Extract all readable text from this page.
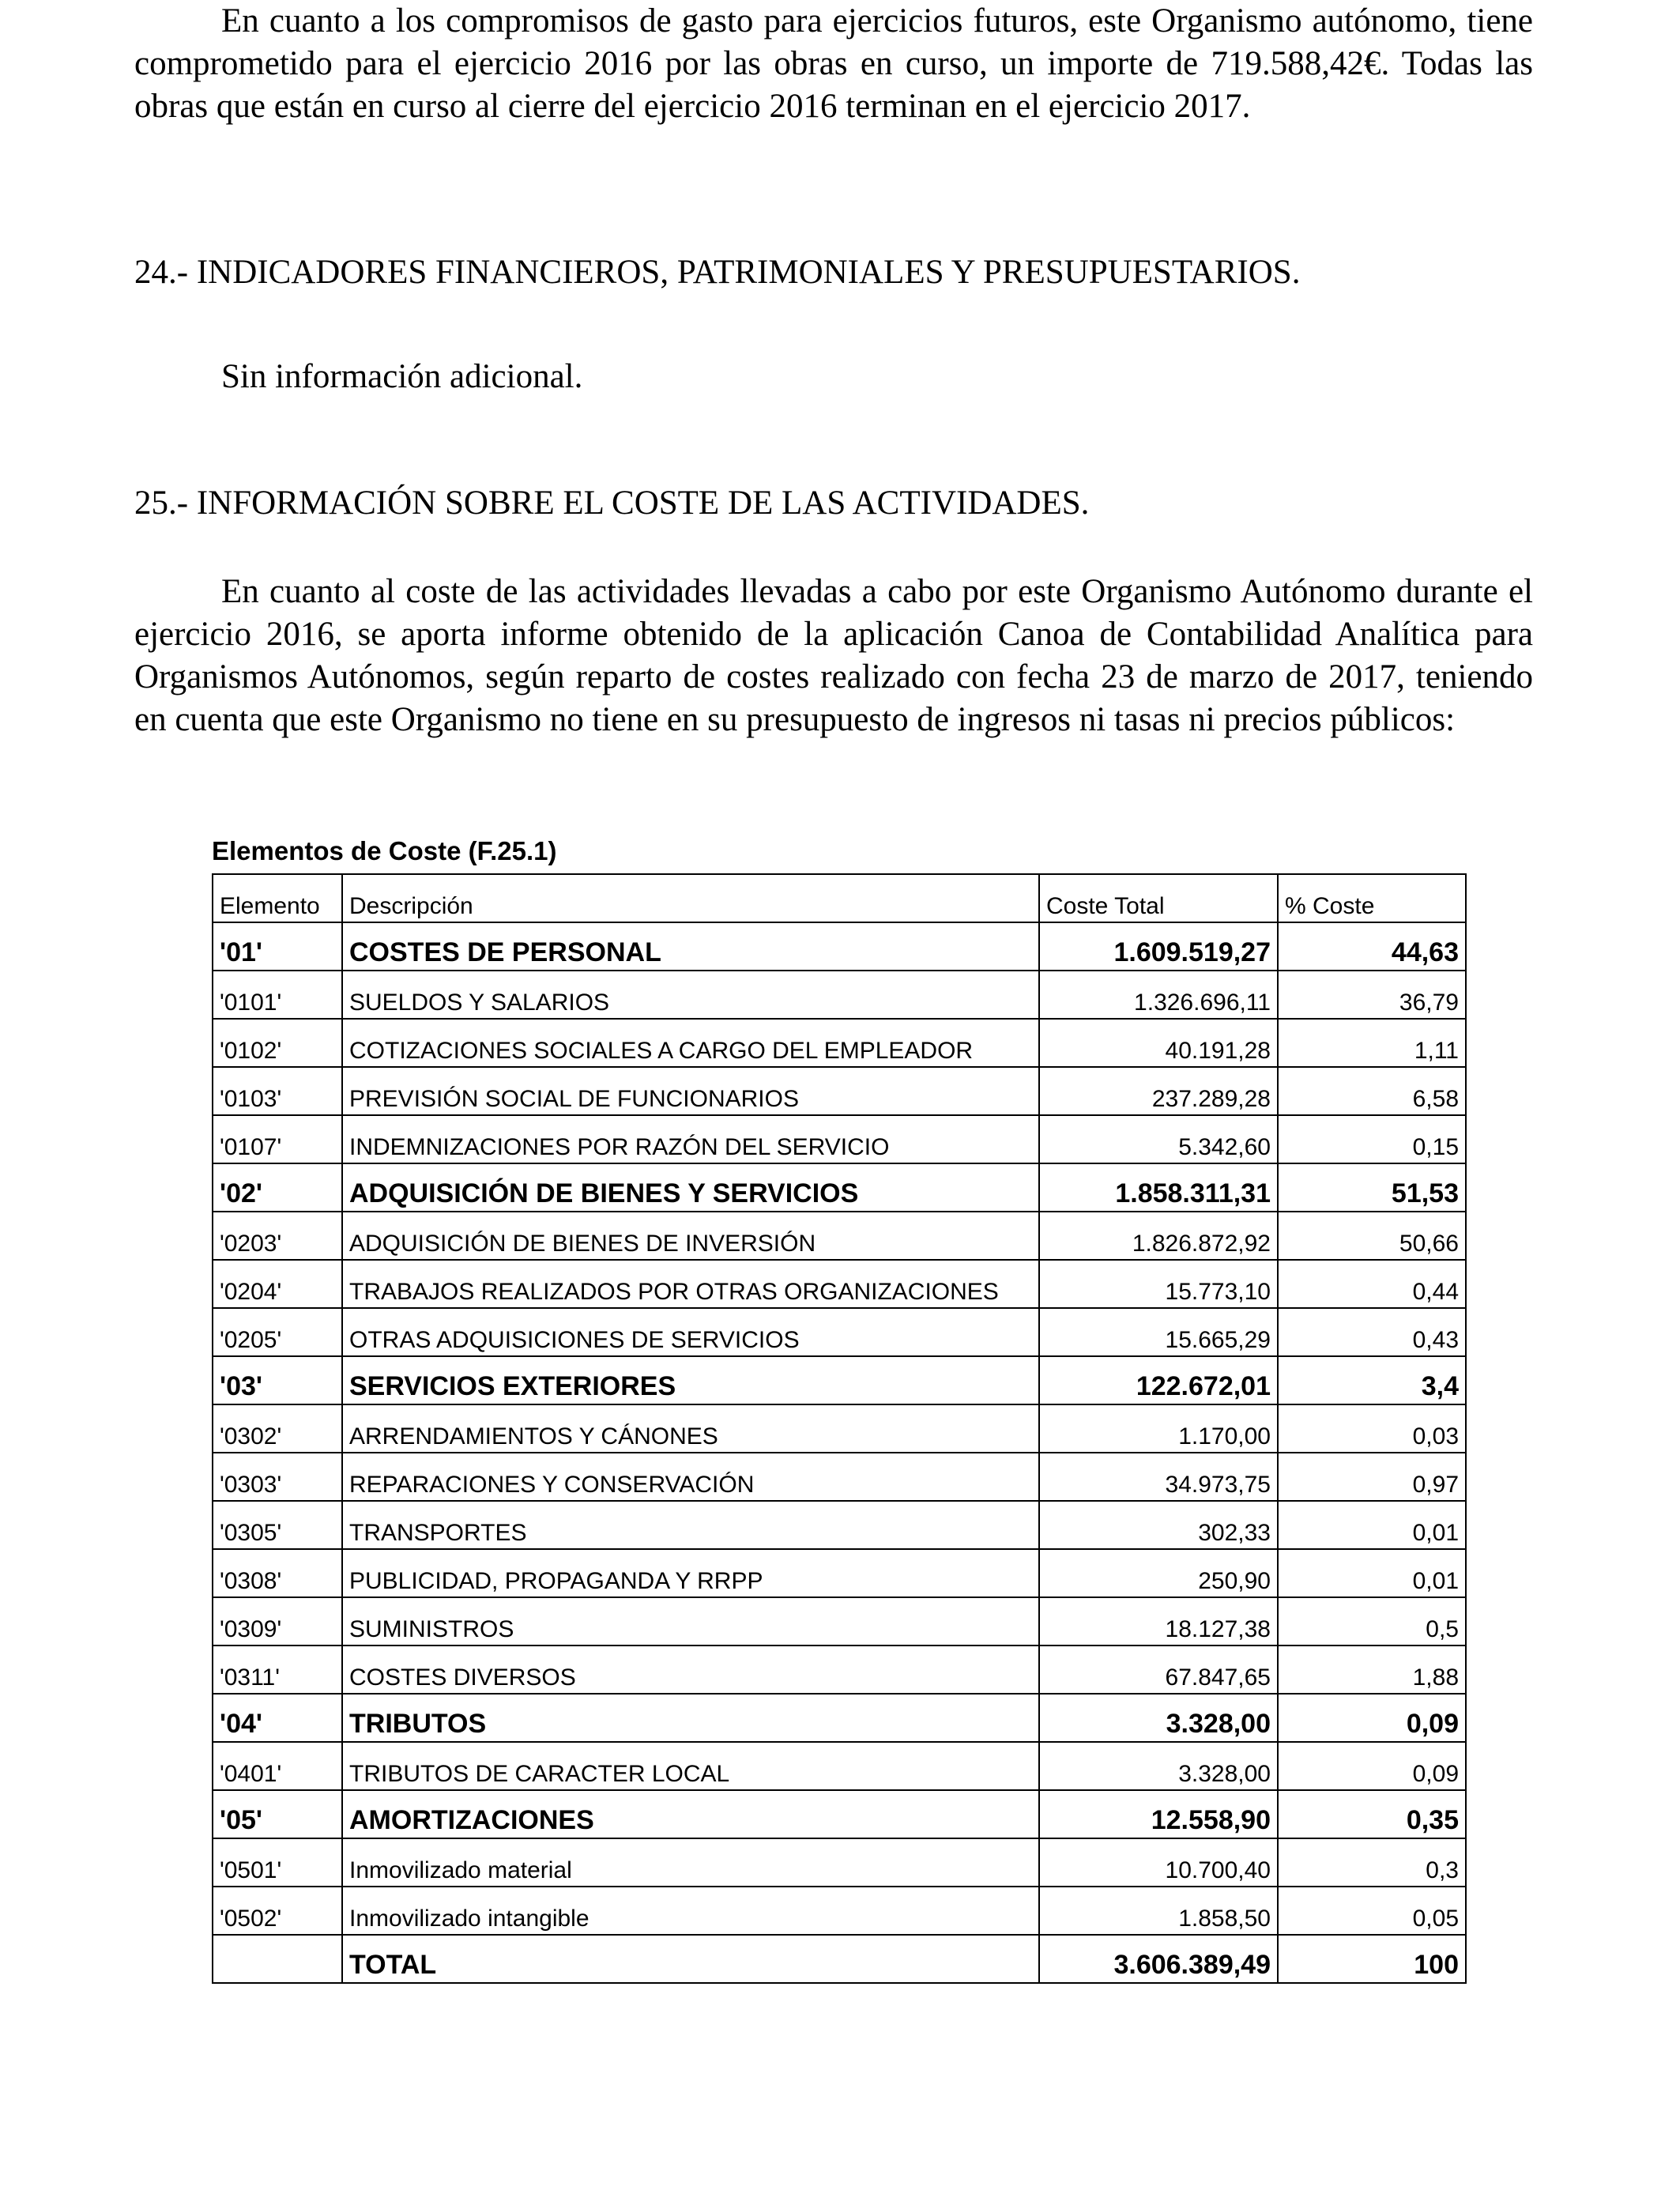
En cuanto a los compromisos de gasto para ejercicios futuros, este Organismo autónomo, tiene comprometido para el ejercicio 2016 por las obras en curso, un importe de 719.588,42€. Todas las obras que están en curso al cierre del ejercicio 2016 terminan en el ejercicio 2017.

24.- INDICADORES FINANCIEROS, PATRIMONIALES Y PRESUPUESTARIOS.

Sin información adicional.

25.- INFORMACIÓN SOBRE EL COSTE DE LAS ACTIVIDADES.

En cuanto al coste de las actividades llevadas a cabo por este Organismo Autónomo durante el ejercicio 2016, se aporta informe obtenido de la aplicación Canoa de Contabilidad Analítica para Organismos Autónomos, según reparto de costes realizado con fecha 23 de marzo de 2017, teniendo en cuenta que este Organismo no tiene en su presupuesto de ingresos ni tasas ni precios públicos:

Elementos de Coste (F.25.1)

Elemento	Descripción	Coste Total	% Coste
'01'	COSTES DE PERSONAL	1.609.519,27	44,63
'0101'	SUELDOS Y SALARIOS	1.326.696,11	36,79
'0102'	COTIZACIONES SOCIALES A CARGO DEL EMPLEADOR	40.191,28	1,11
'0103'	PREVISIÓN SOCIAL DE FUNCIONARIOS	237.289,28	6,58
'0107'	INDEMNIZACIONES POR RAZÓN DEL SERVICIO	5.342,60	0,15
'02'	ADQUISICIÓN DE BIENES Y SERVICIOS	1.858.311,31	51,53
'0203'	ADQUISICIÓN DE BIENES DE INVERSIÓN	1.826.872,92	50,66
'0204'	TRABAJOS REALIZADOS POR OTRAS ORGANIZACIONES	15.773,10	0,44
'0205'	OTRAS ADQUISICIONES DE SERVICIOS	15.665,29	0,43
'03'	SERVICIOS EXTERIORES	122.672,01	3,4
'0302'	ARRENDAMIENTOS Y CÁNONES	1.170,00	0,03
'0303'	REPARACIONES Y CONSERVACIÓN	34.973,75	0,97
'0305'	TRANSPORTES	302,33	0,01
'0308'	PUBLICIDAD, PROPAGANDA Y RRPP	250,90	0,01
'0309'	SUMINISTROS	18.127,38	0,5
'0311'	COSTES DIVERSOS	67.847,65	1,88
'04'	TRIBUTOS	3.328,00	0,09
'0401'	TRIBUTOS DE CARACTER LOCAL	3.328,00	0,09
'05'	AMORTIZACIONES	12.558,90	0,35
'0501'	Inmovilizado material	10.700,40	0,3
'0502'	Inmovilizado intangible	1.858,50	0,05
	TOTAL	3.606.389,49	100
